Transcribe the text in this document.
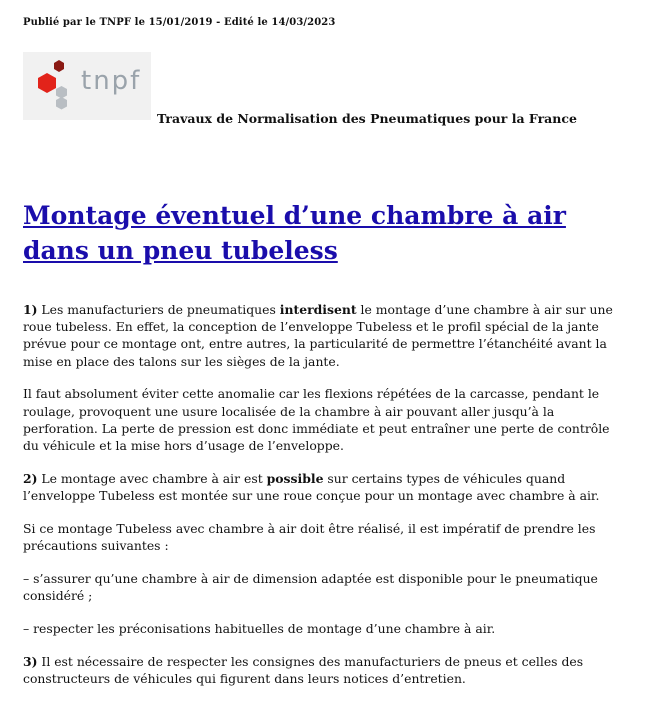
Publié par le TNPF le 15/01/2019 - Edité le 14/03/2023
tnpf
Travaux de Normalisation des Pneumatiques pour la France
Montage éventuel d’une chambre à air dans un pneu tubeless

1) Les manufacturiers de pneumatiques interdisent le montage d’une chambre à air sur une roue tubeless. En effet, la conception de l’enveloppe Tubeless et le profil spécial de la jante prévue pour ce montage ont, entre autres, la particularité de permettre l’étanchéité avant la mise en place des talons sur les sièges de la jante.

Il faut absolument éviter cette anomalie car les flexions répétées de la carcasse, pendant le roulage, provoquent une usure localisée de la chambre à air pouvant aller jusqu’à la perforation. La perte de pression est donc immédiate et peut entraîner une perte de contrôle du véhicule et la mise hors d’usage de l’enveloppe.

2) Le montage avec chambre à air est possible sur certains types de véhicules quand l’enveloppe Tubeless est montée sur une roue conçue pour un montage avec chambre à air.

Si ce montage Tubeless avec chambre à air doit être réalisé, il est impératif de prendre les précautions suivantes :

– s’assurer qu’une chambre à air de dimension adaptée est disponible pour le pneumatique considéré ;

– respecter les préconisations habituelles de montage d’une chambre à air.

3) Il est nécessaire de respecter les consignes des manufacturiers de pneus et celles des constructeurs de véhicules qui figurent dans leurs notices d’entretien.
